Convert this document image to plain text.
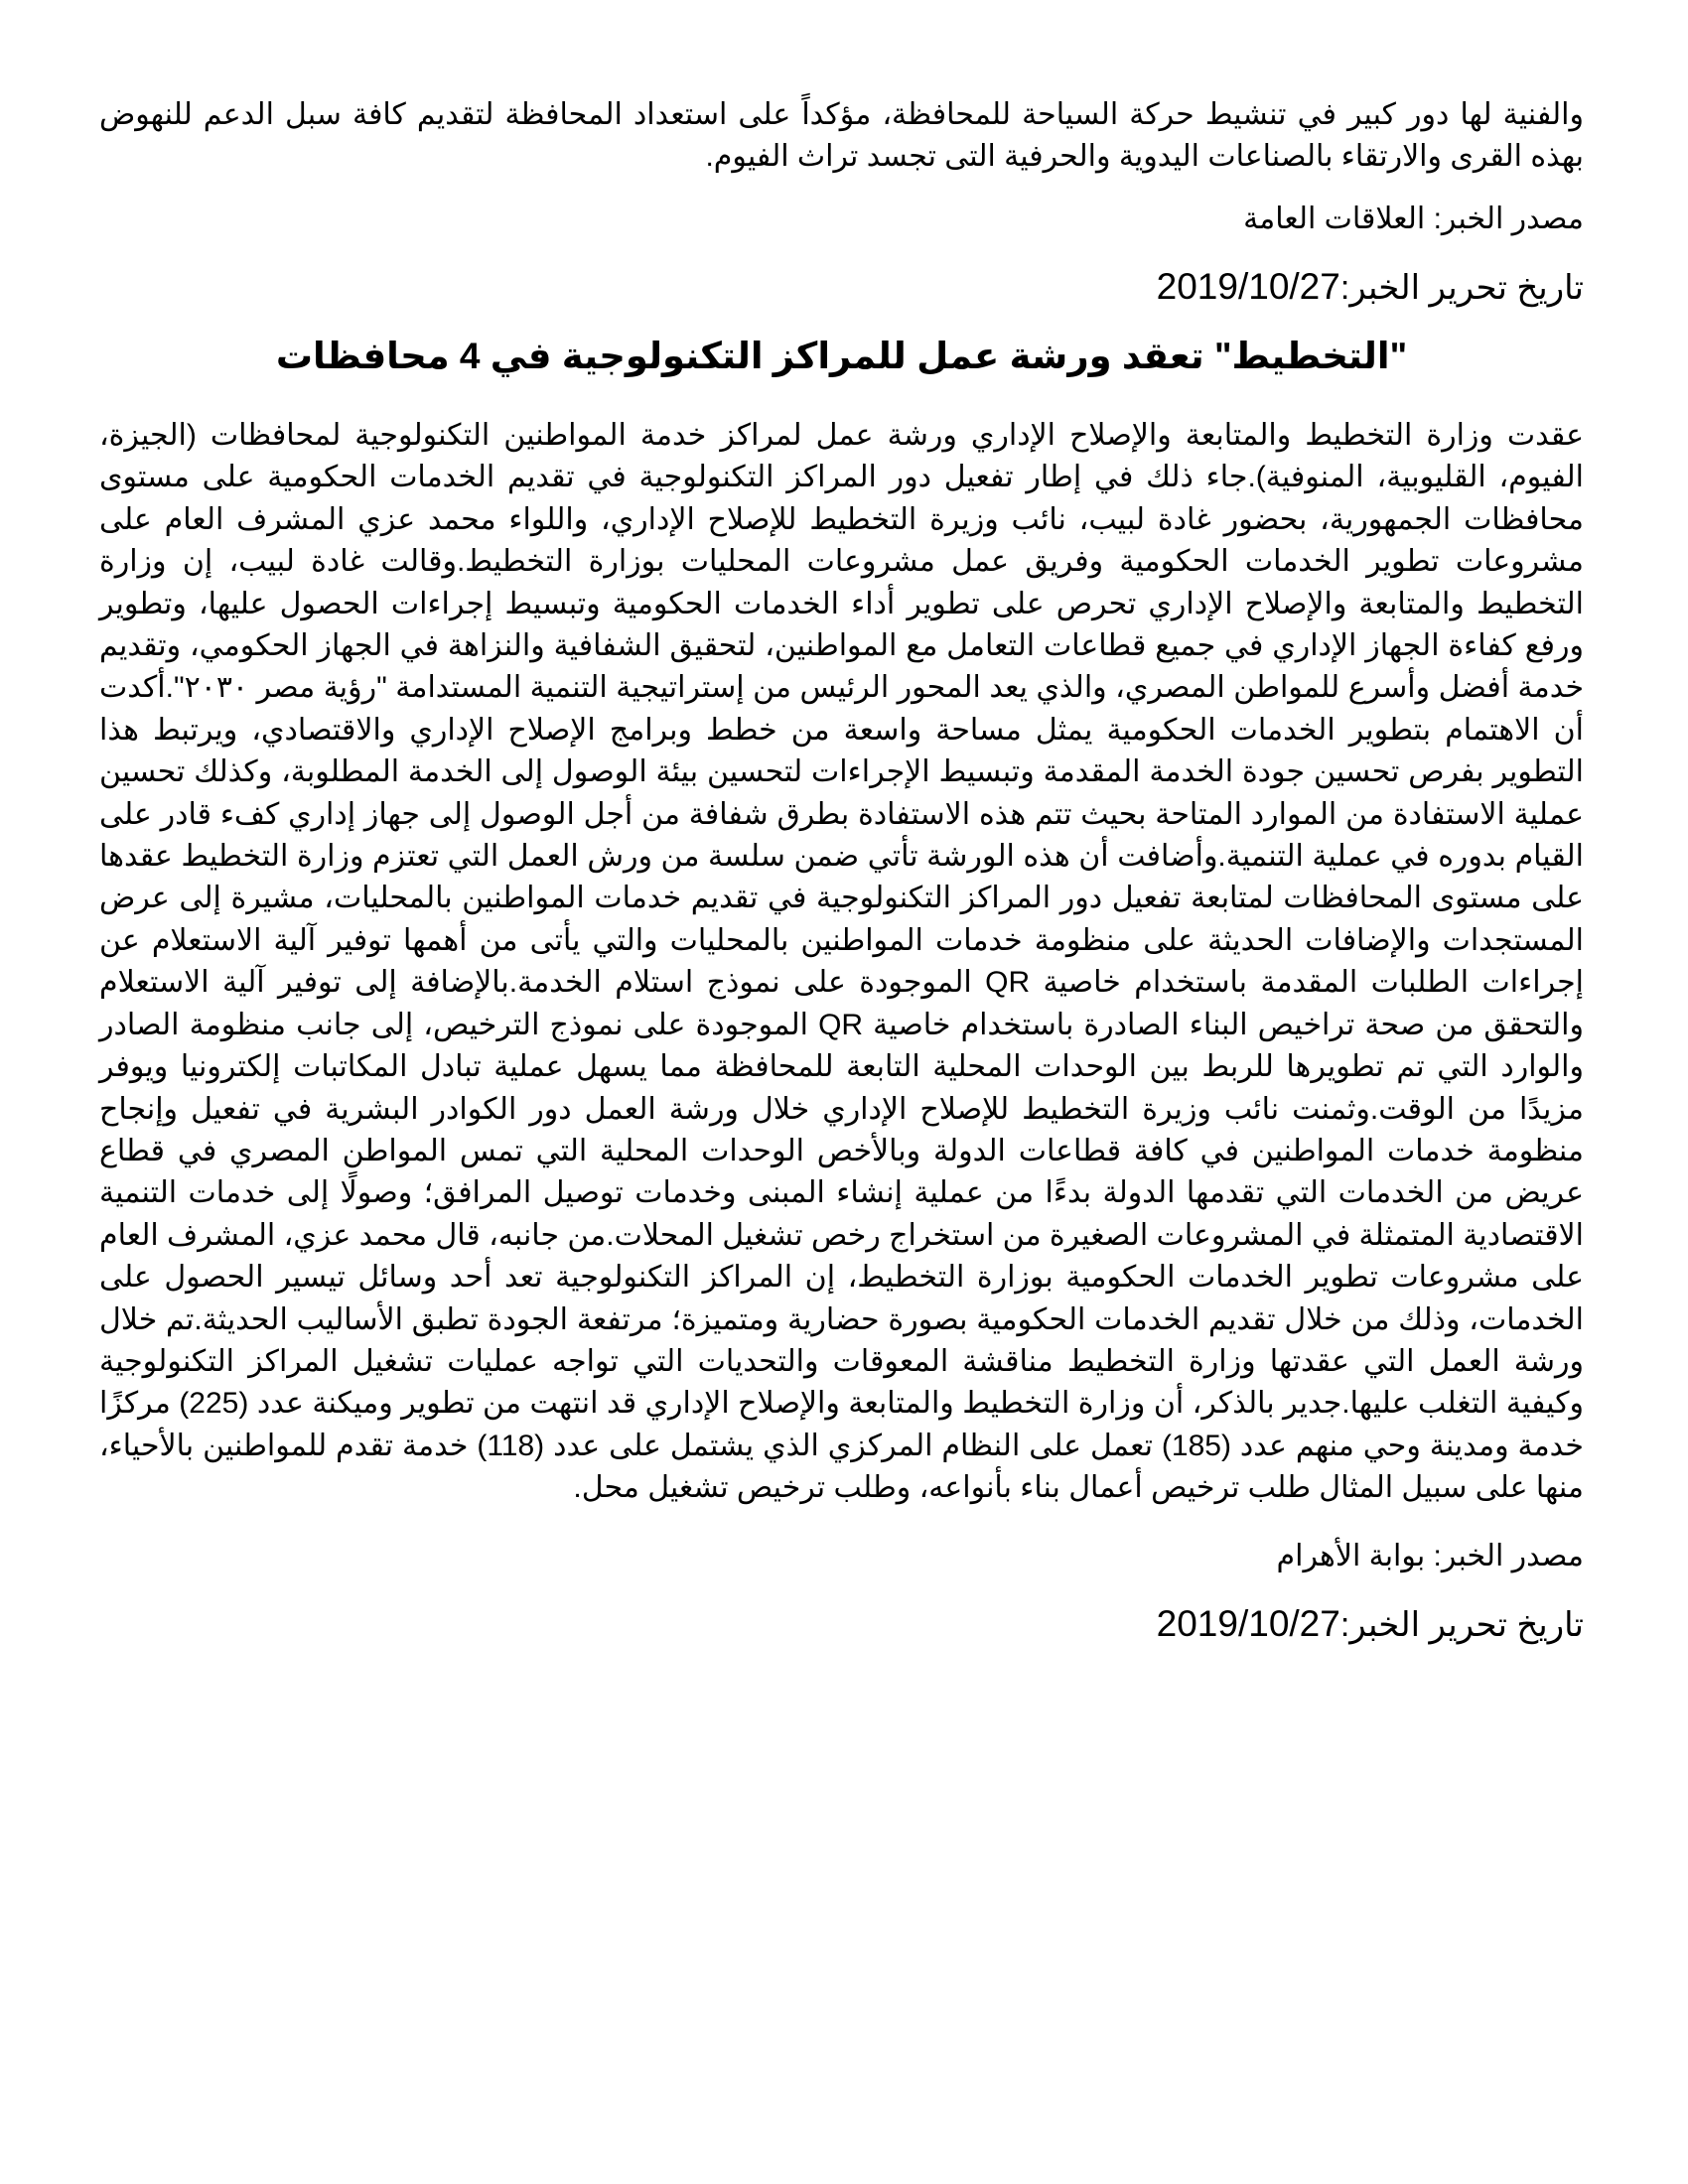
والفنية لها دور كبير في تنشيط حركة السياحة للمحافظة، مؤكداً على استعداد المحافظة لتقديم كافة سبل الدعم للنهوض بهذه القرى والارتقاء بالصناعات اليدوية والحرفية التى تجسد تراث الفيوم.

مصدر الخبر: العلاقات العامة

تاريخ تحرير الخبر:2019/10/27

"التخطيط" تعقد ورشة عمل للمراكز التكنولوجية في 4 محافظات

عقدت وزارة التخطيط والمتابعة والإصلاح الإداري ورشة عمل لمراكز خدمة المواطنين التكنولوجية لمحافظات (الجيزة، الفيوم، القليوبية، المنوفية).جاء ذلك في إطار تفعيل دور المراكز التكنولوجية في تقديم الخدمات الحكومية على مستوى محافظات الجمهورية، بحضور غادة لبيب، نائب وزيرة التخطيط للإصلاح الإداري، واللواء محمد عزي المشرف العام على مشروعات تطوير الخدمات الحكومية وفريق عمل مشروعات المحليات بوزارة التخطيط.وقالت غادة لبيب، إن وزارة التخطيط والمتابعة والإصلاح الإداري تحرص على تطوير أداء الخدمات الحكومية وتبسيط إجراءات الحصول عليها، وتطوير ورفع كفاءة الجهاز الإداري في جميع قطاعات التعامل مع المواطنين، لتحقيق الشفافية والنزاهة في الجهاز الحكومي، وتقديم خدمة أفضل وأسرع للمواطن المصري، والذي يعد المحور الرئيس من إستراتيجية التنمية المستدامة "رؤية مصر ٢٠٣٠".أكدت أن الاهتمام بتطوير الخدمات الحكومية يمثل مساحة واسعة من خطط وبرامج الإصلاح الإداري والاقتصادي، ويرتبط هذا التطوير بفرص تحسين جودة الخدمة المقدمة وتبسيط الإجراءات لتحسين بيئة الوصول إلى الخدمة المطلوبة، وكذلك تحسين عملية الاستفادة من الموارد المتاحة بحيث تتم هذه الاستفادة بطرق شفافة من أجل الوصول إلى جهاز إداري كفء قادر على القيام بدوره في عملية التنمية.وأضافت أن هذه الورشة تأتي ضمن سلسة من ورش العمل التي تعتزم وزارة التخطيط عقدها على مستوى المحافظات لمتابعة تفعيل دور المراكز التكنولوجية في تقديم خدمات المواطنين بالمحليات، مشيرة إلى عرض المستجدات والإضافات الحديثة على منظومة خدمات المواطنين بالمحليات والتي يأتى من أهمها توفير آلية الاستعلام عن إجراءات الطلبات المقدمة باستخدام خاصية QR الموجودة على نموذج استلام الخدمة.بالإضافة إلى توفير آلية الاستعلام والتحقق من صحة تراخيص البناء الصادرة باستخدام خاصية QR الموجودة على نموذج الترخيص، إلى جانب منظومة الصادر والوارد التي تم تطويرها للربط بين الوحدات المحلية التابعة للمحافظة مما يسهل عملية تبادل المكاتبات إلكترونيا ويوفر مزيدًا من الوقت.وثمنت نائب وزيرة التخطيط للإصلاح الإداري خلال ورشة العمل دور الكوادر البشرية في تفعيل وإنجاح منظومة خدمات المواطنين في كافة قطاعات الدولة وبالأخص الوحدات المحلية التي تمس المواطن المصري في قطاع عريض من الخدمات التي تقدمها الدولة بدءًا من عملية إنشاء المبنى وخدمات توصيل المرافق؛ وصولًا إلى خدمات التنمية الاقتصادية المتمثلة في المشروعات الصغيرة من استخراج رخص تشغيل المحلات.من جانبه، قال محمد عزي، المشرف العام على مشروعات تطوير الخدمات الحكومية بوزارة التخطيط، إن المراكز التكنولوجية تعد أحد وسائل تيسير الحصول على الخدمات، وذلك من خلال تقديم الخدمات الحكومية بصورة حضارية ومتميزة؛ مرتفعة الجودة تطبق الأساليب الحديثة.تم خلال ورشة العمل التي عقدتها وزارة التخطيط مناقشة المعوقات والتحديات التي تواجه عمليات تشغيل المراكز التكنولوجية وكيفية التغلب عليها.جدير بالذكر، أن وزارة التخطيط والمتابعة والإصلاح الإداري قد انتهت من تطوير وميكنة عدد (225) مركزًا خدمة ومدينة وحي منهم عدد (185) تعمل على النظام المركزي الذي يشتمل على عدد (118) خدمة تقدم للمواطنين بالأحياء، منها على سبيل المثال طلب ترخيص أعمال بناء بأنواعه، وطلب ترخيص تشغيل محل.

مصدر الخبر: بوابة الأهرام

تاريخ تحرير الخبر:2019/10/27
